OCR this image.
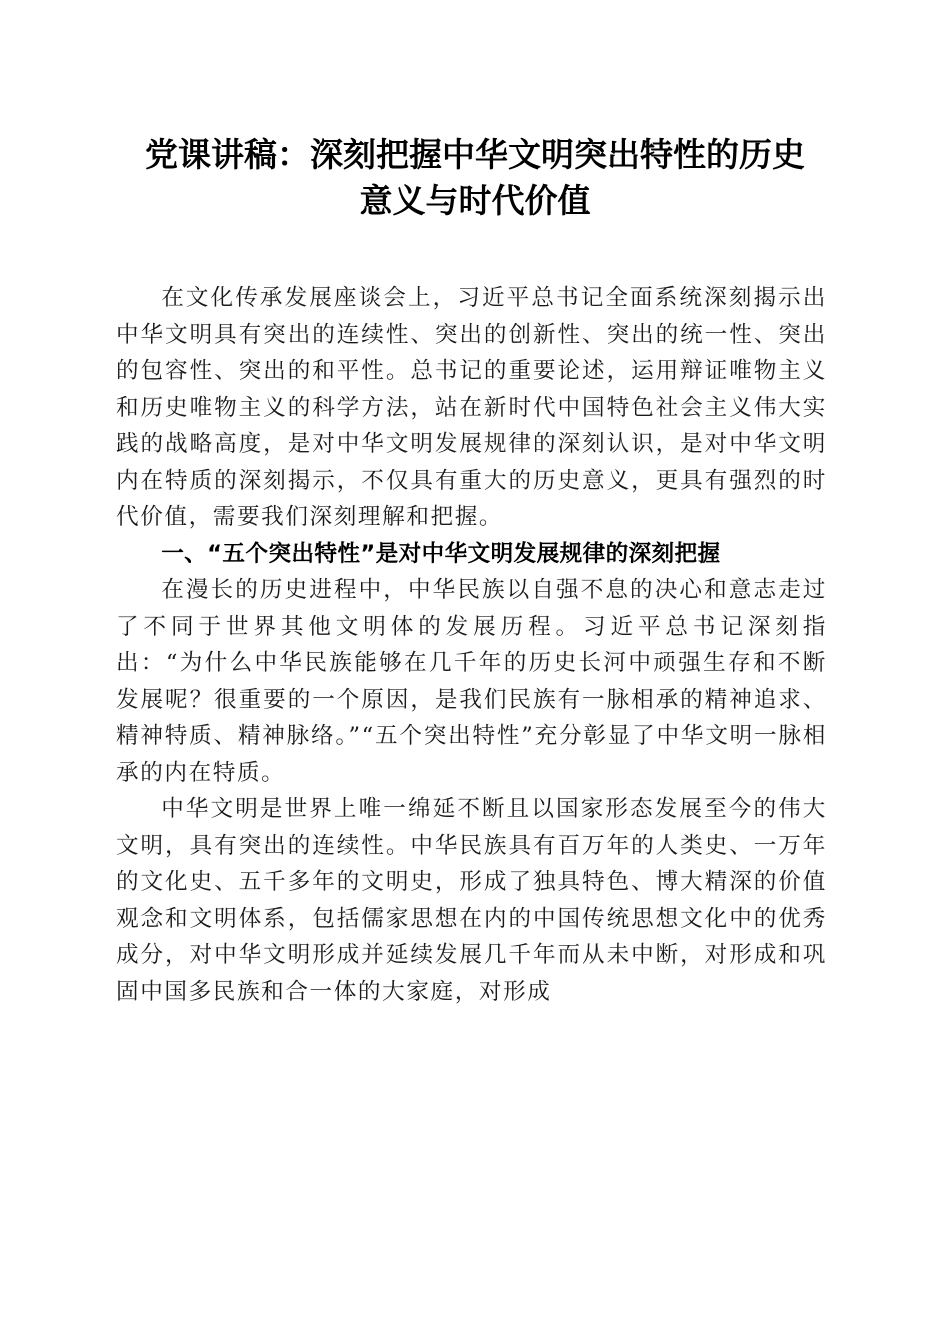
党课讲稿：深刻把握中华文明突出特性的历史
意义与时代价值

在文化传承发展座谈会上，习近平总书记全面系统深刻揭示出中华文明具有突出的连续性、突出的创新性、突出的统一性、突出的包容性、突出的和平性。总书记的重要论述，运用辩证唯物主义和历史唯物主义的科学方法，站在新时代中国特色社会主义伟大实践的战略高度，是对中华文明发展规律的深刻认识，是对中华文明内在特质的深刻揭示，不仅具有重大的历史意义，更具有强烈的时代价值，需要我们深刻理解和把握。

一、“五个突出特性”是对中华文明发展规律的深刻把握

在漫长的历史进程中，中华民族以自强不息的决心和意志走过了不同于世界其他文明体的发展历程。习近平总书记深刻指出：“为什么中华民族能够在几千年的历史长河中顽强生存和不断发展呢？很重要的一个原因，是我们民族有一脉相承的精神追求、精神特质、精神脉络。”“五个突出特性”充分彰显了中华文明一脉相承的内在特质。

中华文明是世界上唯一绵延不断且以国家形态发展至今的伟大文明，具有突出的连续性。中华民族具有百万年的人类史、一万年的文化史、五千多年的文明史，形成了独具特色、博大精深的价值观念和文明体系，包括儒家思想在内的中国传统思想文化中的优秀成分，对中华文明形成并延续发展几千年而从未中断，对形成和巩固中国多民族和合一体的大家庭，对形成
